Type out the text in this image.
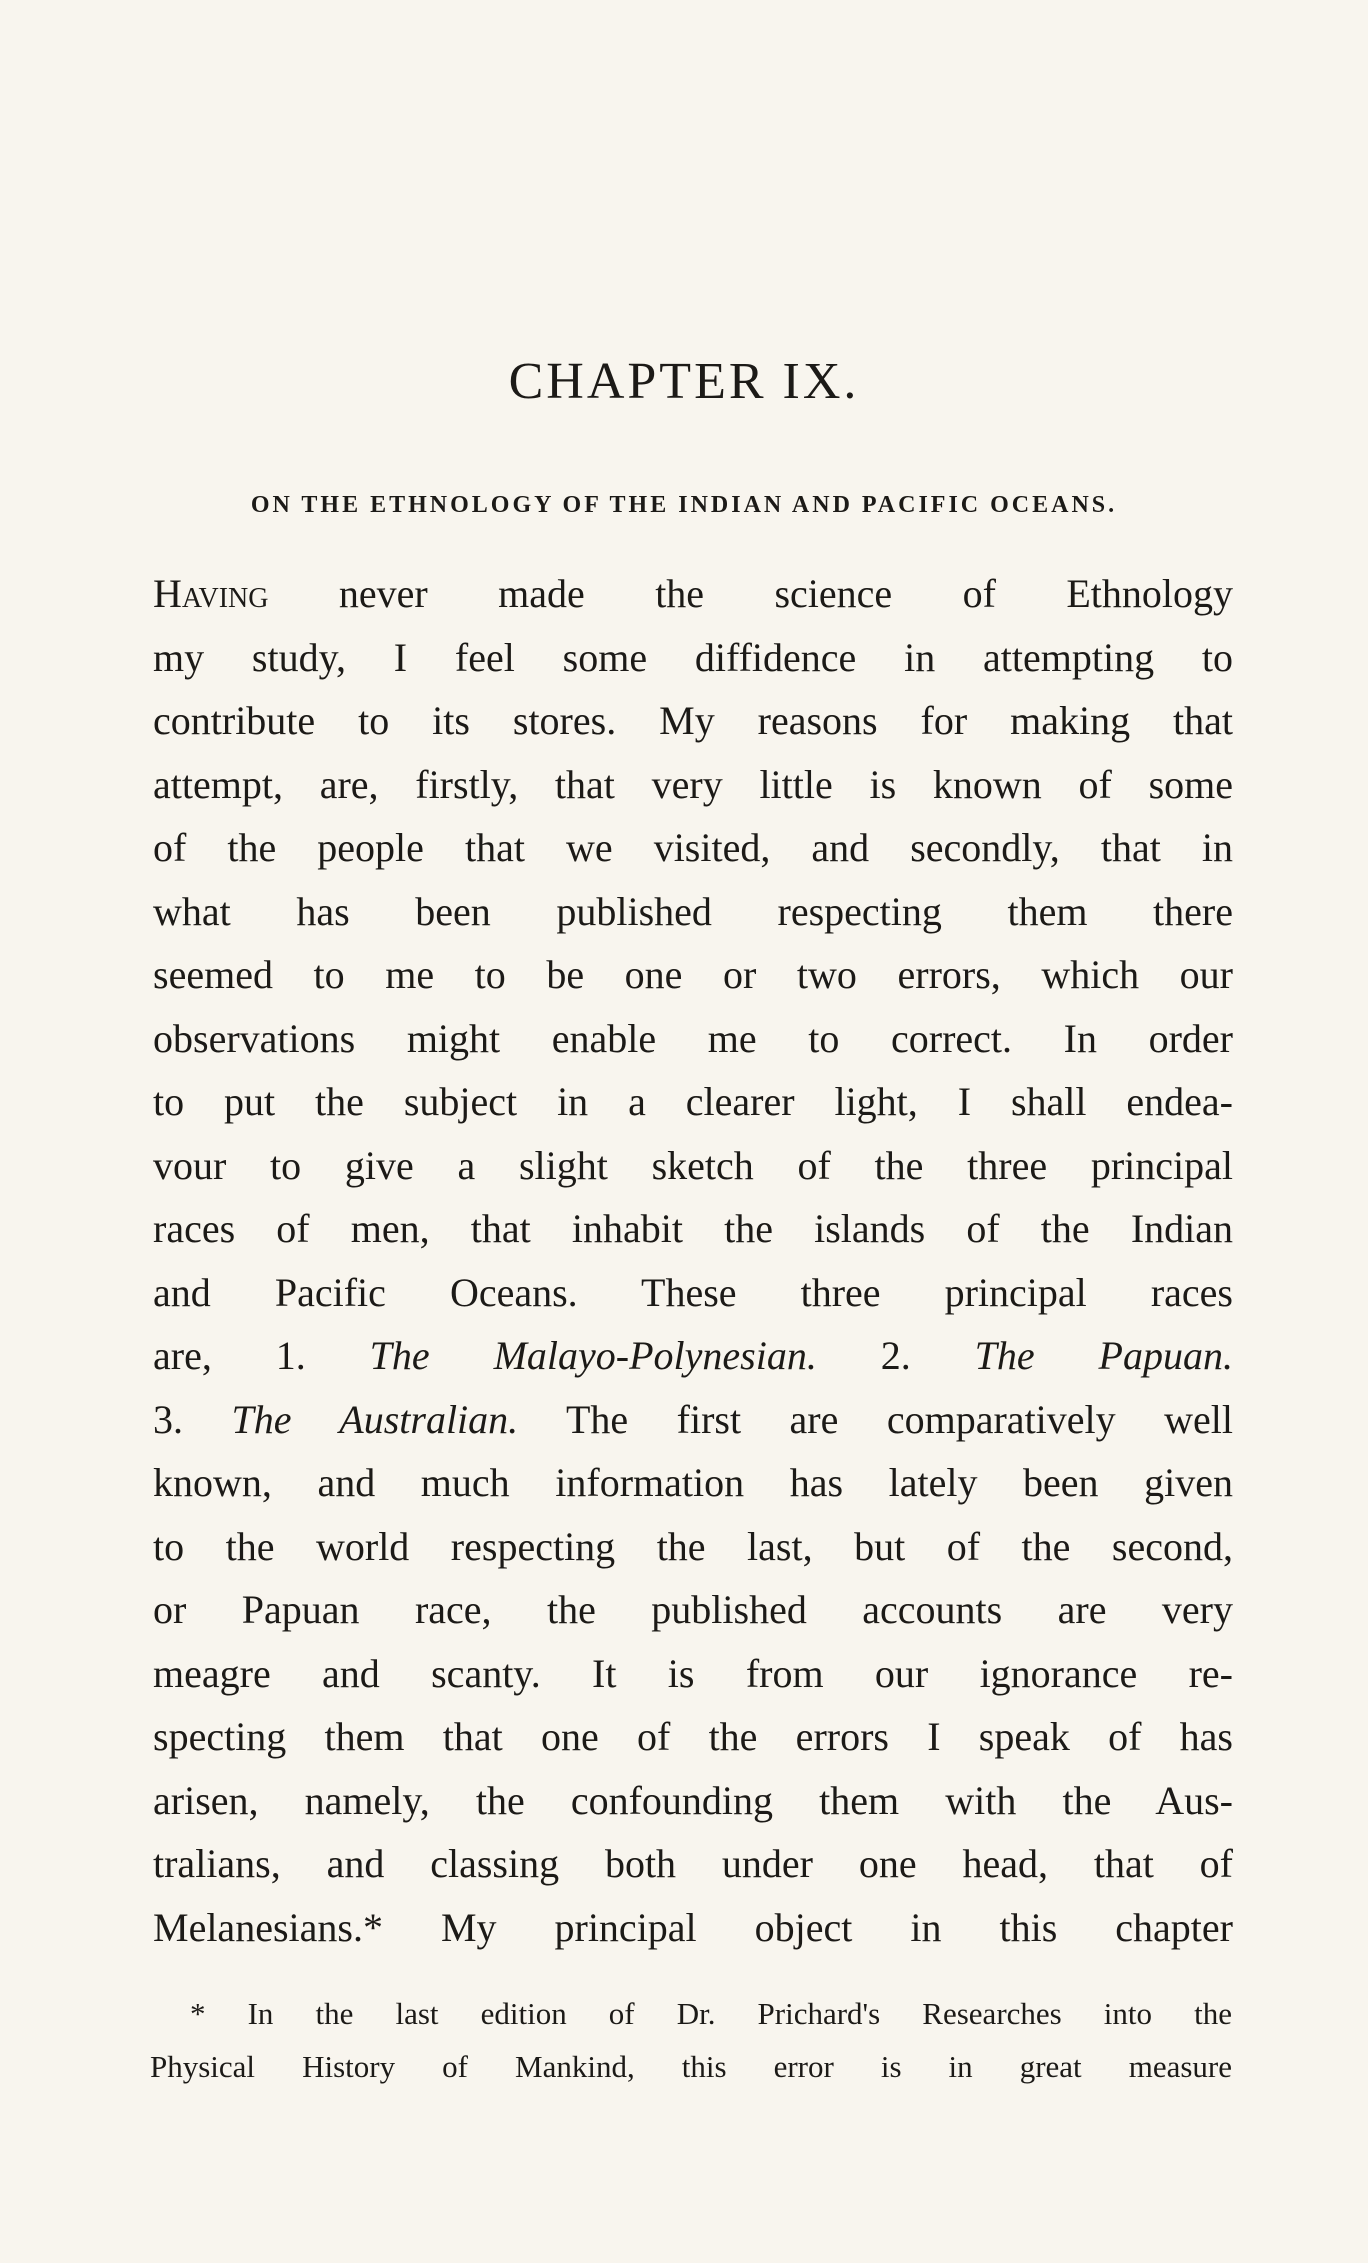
CHAPTER IX.
ON THE ETHNOLOGY OF THE INDIAN AND PACIFIC OCEANS.
Having never made the science of Ethnology
my study, I feel some diffidence in attempting to
contribute to its stores. My reasons for making that
attempt, are, firstly, that very little is known of some
of the people that we visited, and secondly, that in
what has been published respecting them there
seemed to me to be one or two errors, which our
observations might enable me to correct. In order
to put the subject in a clearer light, I shall endea-
vour to give a slight sketch of the three principal
races of men, that inhabit the islands of the Indian
and Pacific Oceans. These three principal races
are, 1. The Malayo-Polynesian. 2. The Papuan.
3. The Australian. The first are comparatively well
known, and much information has lately been given
to the world respecting the last, but of the second,
or Papuan race, the published accounts are very
meagre and scanty. It is from our ignorance re-
specting them that one of the errors I speak of has
arisen, namely, the confounding them with the Aus-
tralians, and classing both under one head, that of
Melanesians.* My principal object in this chapter
* In the last edition of Dr. Prichard's Researches into the
Physical History of Mankind, this error is in great measure
